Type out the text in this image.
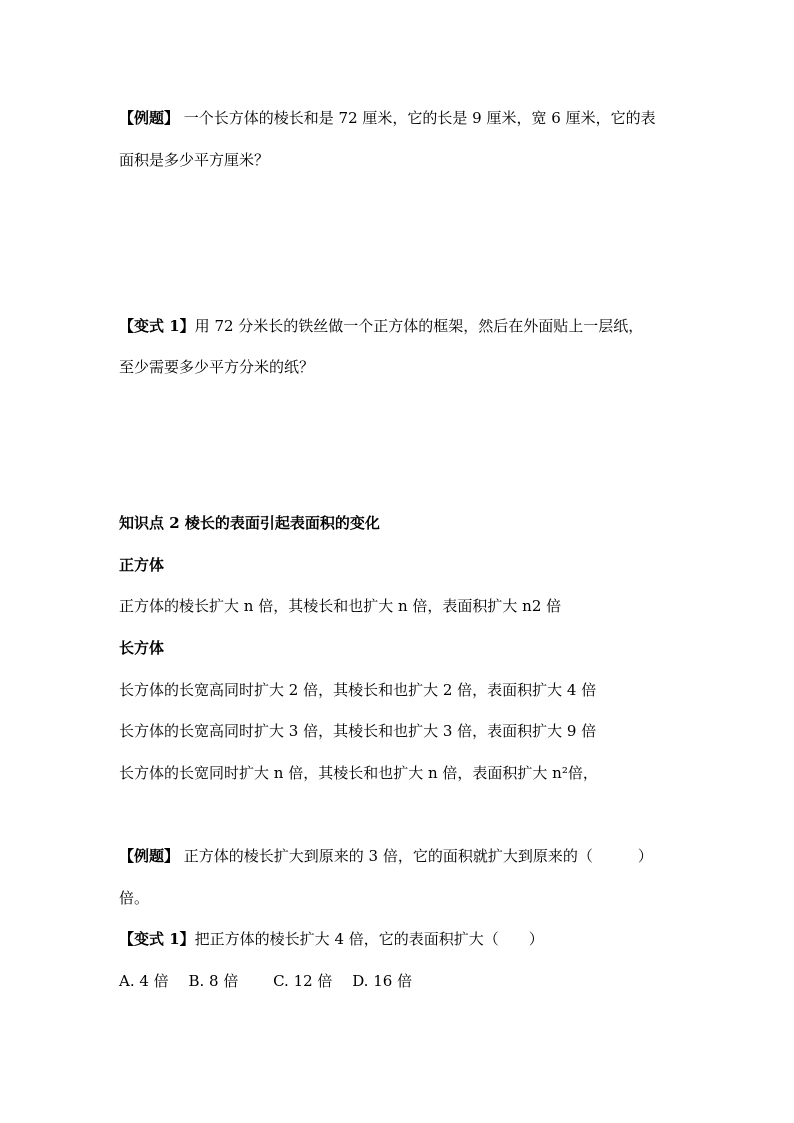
【例题】 一个长方体的棱长和是 72 厘米，它的长是 9 厘米，宽 6 厘米，它的表
面积是多少平方厘米？
【变式 1】用 72 分米长的铁丝做一个正方体的框架，然后在外面贴上一层纸，
至少需要多少平方分米的纸？
知识点 2 棱长的表面引起表面积的变化
正方体
正方体的棱长扩大 n 倍，其棱长和也扩大 n 倍，表面积扩大 n2 倍
长方体
长方体的长宽高同时扩大 2 倍，其棱长和也扩大 2 倍，表面积扩大 4 倍
长方体的长宽高同时扩大 3 倍，其棱长和也扩大 3 倍，表面积扩大 9 倍
长方体的长宽同时扩大 n 倍，其棱长和也扩大 n 倍，表面积扩大 n²倍，
【例题】 正方体的棱长扩大到原来的 3 倍，它的面积就扩大到原来的（　　　）
倍。
【变式 1】把正方体的棱长扩大 4 倍，它的表面积扩大（　　）
A. 4 倍　 B. 8 倍　　 C. 12 倍　 D. 16 倍
